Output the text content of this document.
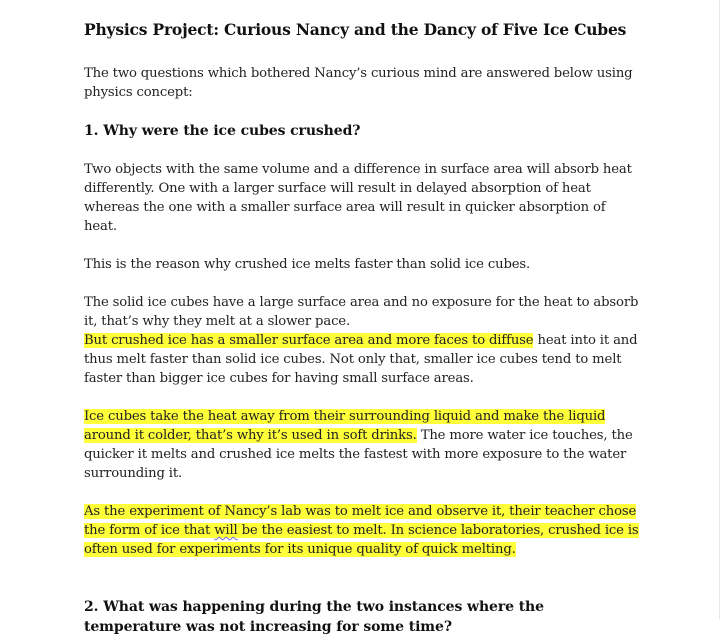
Physics Project: Curious Nancy and the Dancy of Five Ice Cubes

The two questions which bothered Nancy’s curious mind are answered below using physics concept:

1. Why were the ice cubes crushed?

Two objects with the same volume and a difference in surface area will absorb heat differently. One with a larger surface will result in delayed absorption of heat whereas the one with a smaller surface area will result in quicker absorption of heat.

This is the reason why crushed ice melts faster than solid ice cubes.

The solid ice cubes have a large surface area and no exposure for the heat to absorb it, that’s why they melt at a slower pace.
But crushed ice has a smaller surface area and more faces to diffuse heat into it and thus melt faster than solid ice cubes. Not only that, smaller ice cubes tend to melt faster than bigger ice cubes for having small surface areas.

Ice cubes take the heat away from their surrounding liquid and make the liquid around it colder, that’s why it’s used in soft drinks. The more water ice touches, the quicker it melts and crushed ice melts the fastest with more exposure to the water surrounding it.

As the experiment of Nancy’s lab was to melt ice and observe it, their teacher chose the form of ice that will be the easiest to melt. In science laboratories, crushed ice is often used for experiments for its unique quality of quick melting.

2. What was happening during the two instances where the temperature was not increasing for some time?
